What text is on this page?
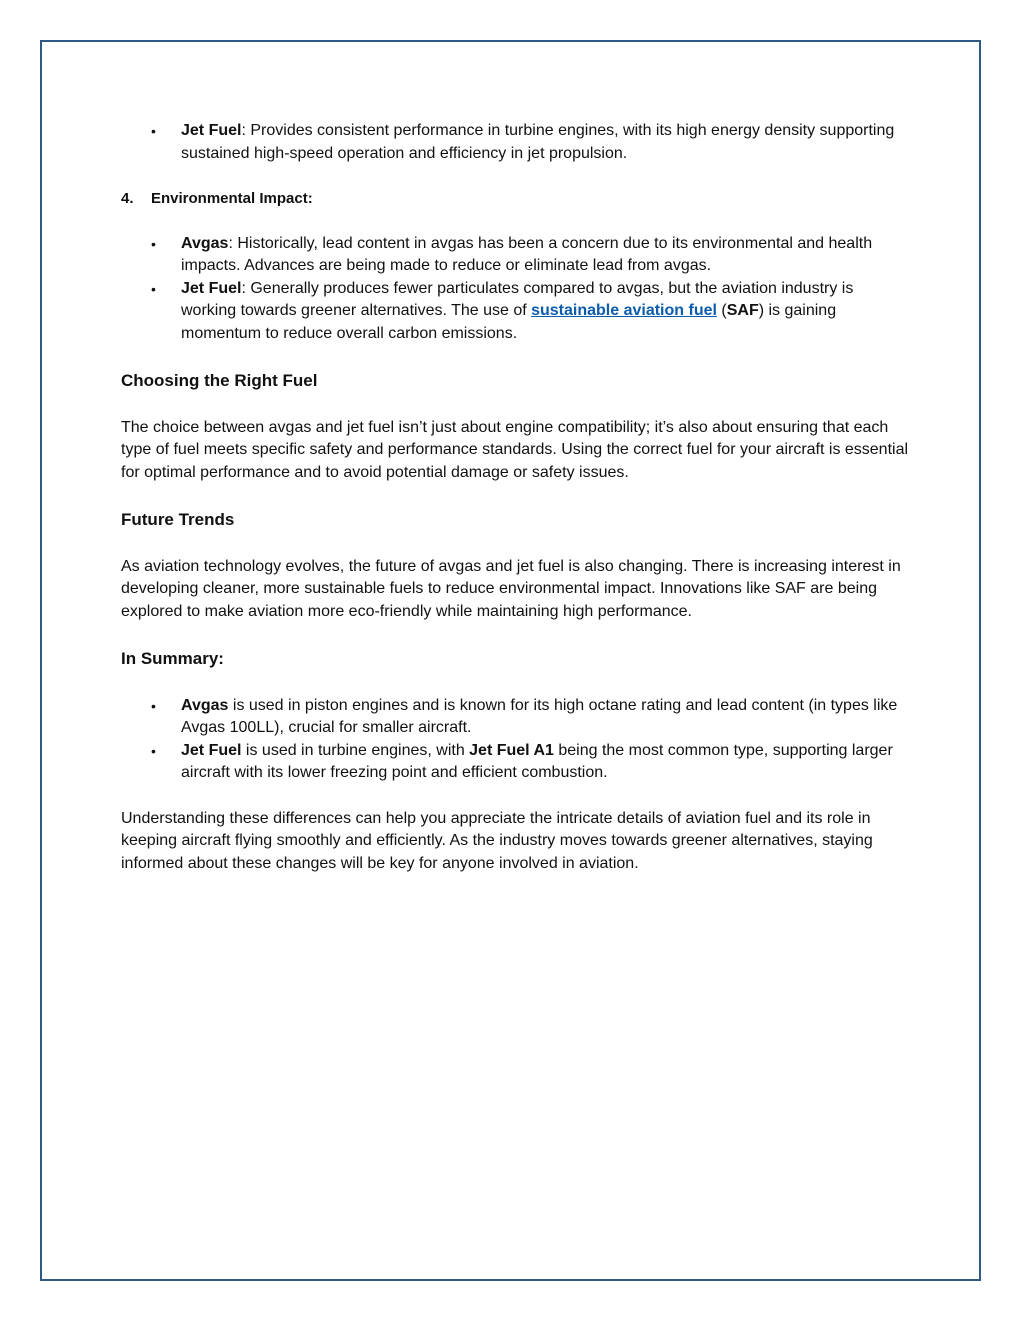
• Jet Fuel: Provides consistent performance in turbine engines, with its high energy density supporting sustained high-speed operation and efficiency in jet propulsion.
4. Environmental Impact:
• Avgas: Historically, lead content in avgas has been a concern due to its environmental and health impacts. Advances are being made to reduce or eliminate lead from avgas.
• Jet Fuel: Generally produces fewer particulates compared to avgas, but the aviation industry is working towards greener alternatives. The use of sustainable aviation fuel (SAF) is gaining momentum to reduce overall carbon emissions.
Choosing the Right Fuel

The choice between avgas and jet fuel isn’t just about engine compatibility; it’s also about ensuring that each type of fuel meets specific safety and performance standards. Using the correct fuel for your aircraft is essential for optimal performance and to avoid potential damage or safety issues.

Future Trends

As aviation technology evolves, the future of avgas and jet fuel is also changing. There is increasing interest in developing cleaner, more sustainable fuels to reduce environmental impact. Innovations like SAF are being explored to make aviation more eco-friendly while maintaining high performance.

In Summary:
• Avgas is used in piston engines and is known for its high octane rating and lead content (in types like Avgas 100LL), crucial for smaller aircraft.
• Jet Fuel is used in turbine engines, with Jet Fuel A1 being the most common type, supporting larger aircraft with its lower freezing point and efficient combustion.

Understanding these differences can help you appreciate the intricate details of aviation fuel and its role in keeping aircraft flying smoothly and efficiently. As the industry moves towards greener alternatives, staying informed about these changes will be key for anyone involved in aviation.
